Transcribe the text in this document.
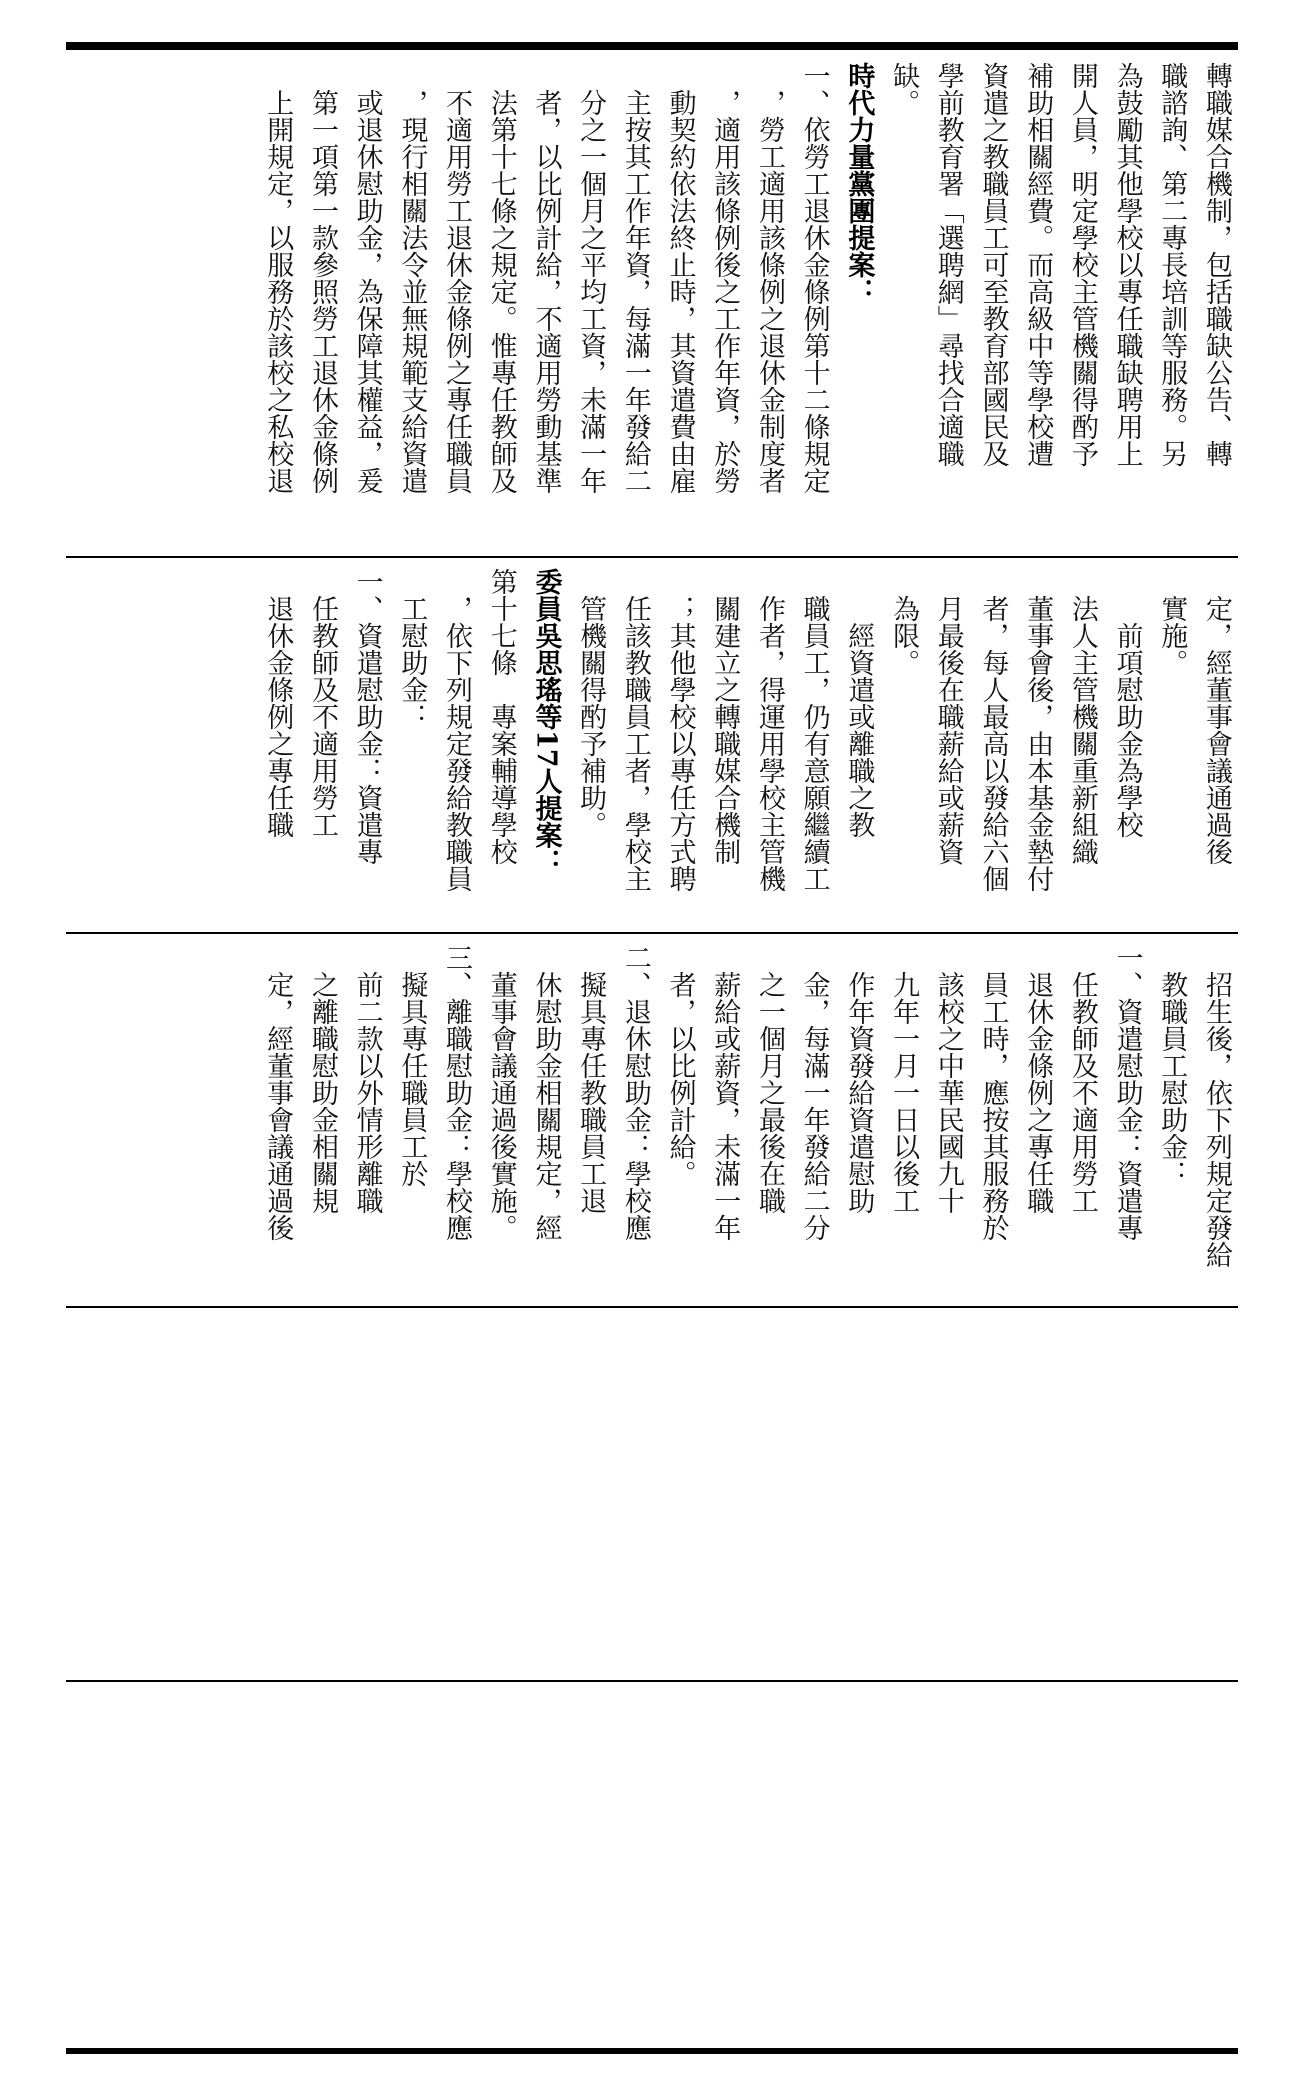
轉職媒合機制，包括職缺公告、轉

職諮詢、第二專長培訓等服務。另

為鼓勵其他學校以專任職缺聘用上

開人員，明定學校主管機關得酌予

補助相關經費。而高級中等學校遭

資遣之教職員工可至教育部國民及

學前教育署「選聘網」尋找合適職

缺。

時代力量黨團提案：

一、依勞工退休金條例第十二條規定

　，勞工適用該條例之退休金制度者

　，適用該條例後之工作年資，於勞

　動契約依法終止時，其資遣費由雇

　主按其工作年資，每滿一年發給二

　分之一個月之平均工資，未滿一年

　者，以比例計給，不適用勞動基準

　法第十七條之規定。惟專任教師及

　不適用勞工退休金條例之專任職員

　，現行相關法令並無規範支給資遣

　或退休慰助金，為保障其權益，爰

　第一項第一款參照勞工退休金條例

　上開規定，以服務於該校之私校退

　定，經董事會議通過後

　實施。

　　前項慰助金為學校

　法人主管機關重新組織

　董事會後，由本基金墊付

　者，每人最高以發給六個

　月最後在職薪給或薪資

　為限。

　　經資遣或離職之教

　職員工，仍有意願繼續工

　作者，得運用學校主管機

　關建立之轉職媒合機制

　；其他學校以專任方式聘

　任該教職員工者，學校主

　管機關得酌予補助。

委員吳思瑤等17人提案：

第十七條　專案輔導學校

　，依下列規定發給教職員

　工慰助金：

一、資遣慰助金：資遣專

　任教師及不適用勞工

　退休金條例之專任職

　招生後，依下列規定發給

　教職員工慰助金：

一、資遣慰助金：資遣專

　任教師及不適用勞工

　退休金條例之專任職

　員工時，應按其服務於

　該校之中華民國九十

　九年一月一日以後工

　作年資發給資遣慰助

　金，每滿一年發給二分

　之一個月之最後在職

　薪給或薪資，未滿一年

　者，以比例計給。

二、退休慰助金：學校應

　擬具專任教職員工退

　休慰助金相關規定，經

　董事會議通過後實施。

三、離職慰助金：學校應

　擬具專任職員工於

　前二款以外情形離職

　之離職慰助金相關規

　定，經董事會議通過後
